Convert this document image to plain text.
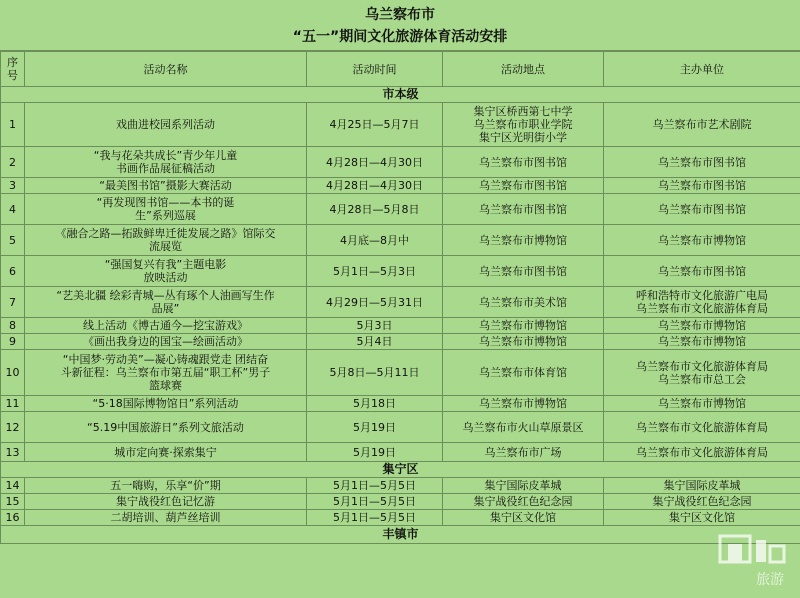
乌兰察布市
“五一”期间文化旅游体育活动安排
序
号	活动名称	活动时间	活动地点	主办单位
市本级				
1	戏曲进校园系列活动	4月25日—5月7日	集宁区桥西第七中学
乌兰察布市职业学院
集宁区光明街小学	乌兰察布市艺术剧院
2	“我与花朵共成长”青少年儿童
书画作品展征稿活动	4月28日—4月30日	乌兰察布市图书馆	乌兰察布市图书馆
3	“最美图书馆”摄影大赛活动	4月28日—4月30日	乌兰察布市图书馆	乌兰察布市图书馆
4	“再发现图书馆——本书的诞
生”系列巡展	4月28日—5月8日	乌兰察布市图书馆	乌兰察布市图书馆
5	《融合之路—拓跋鲜卑迁徙发展之路》馆际交
流展览	4月底—8月中	乌兰察布市博物馆	乌兰察布市博物馆
6	“强国复兴有我”主题电影
放映活动	5月1日—5月3日	乌兰察布市图书馆	乌兰察布市图书馆
7	“艺美北疆 绘彩青城—丛有琢个人油画写生作
品展”	4月29日—5月31日	乌兰察布市美术馆	呼和浩特市文化旅游广电局
乌兰察布市文化旅游体育局
8	线上活动《博古通今—挖宝游戏》	5月3日	乌兰察布市博物馆	乌兰察布市博物馆
9	《画出我身边的国宝—绘画活动》	5月4日	乌兰察布市博物馆	乌兰察布市博物馆
10	“中国梦·劳动美”—凝心铸魂跟党走 团结奋
斗新征程：乌兰察布市第五届“职工杯”男子
篮球赛	5月8日—5月11日	乌兰察布市体育馆	乌兰察布市文化旅游体育局
乌兰察布市总工会
11	“5·18国际博物馆日”系列活动	5月18日	乌兰察布市博物馆	乌兰察布市博物馆
12	“5.19中国旅游日”系列文旅活动	5月19日	乌兰察布市火山草原景区	乌兰察布市文化旅游体育局
13	城市定向赛·探索集宁	5月19日	乌兰察布市广场	乌兰察布市文化旅游体育局
集宁区				
14	五一嗨购，乐享“价”期	5月1日—5月5日	集宁国际皮革城	集宁国际皮革城
15	集宁战役红色记忆游	5月1日—5月5日	集宁战役红色纪念园	集宁战役红色纪念园
16	二胡培训、葫芦丝培训	5月1日—5月5日	集宁区文化馆	集宁区文化馆
丰镇市				
旅游
